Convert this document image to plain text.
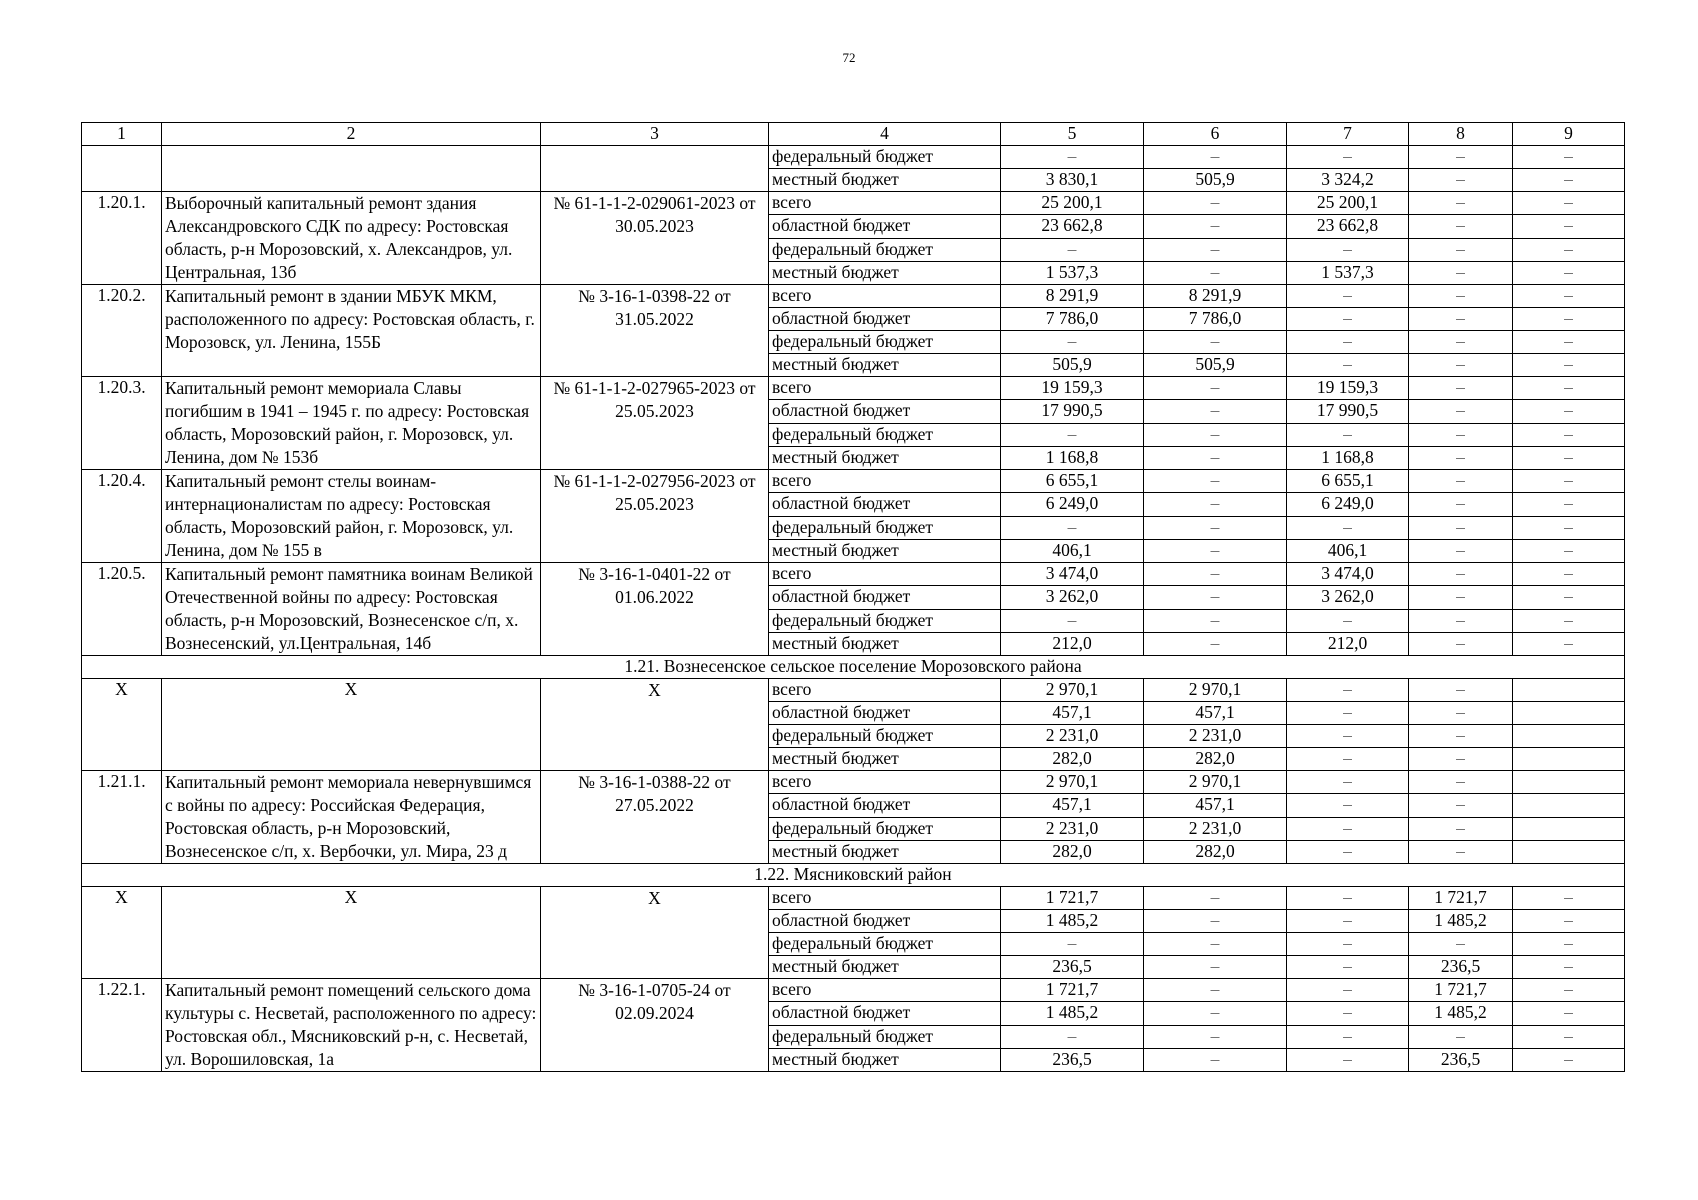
72
1	2	3	4	5	6	7	8	9
			федеральный бюджет	–	–	–	–	–
			местный бюджет	3 830,1	505,9	3 324,2	–	–
1.20.1.	Выборочный капитальный ремонт здания Александровского СДК по адресу: Ростовская область, р-н Морозовский, х. Александров, ул. Центральная, 13б	№ 61-1-1-2-029061-2023 от 30.05.2023	всего	25 200,1	–	25 200,1	–	–
			областной бюджет	23 662,8	–	23 662,8	–	–
			федеральный бюджет	–	–	–	–	–
			местный бюджет	1 537,3	–	1 537,3	–	–
1.20.2.	Капитальный ремонт в здании МБУК МКМ, расположенного по адресу: Ростовская область, г. Морозовск, ул. Ленина, 155Б	№ 3-16-1-0398-22 от 31.05.2022	всего	8 291,9	8 291,9	–	–	–
			областной бюджет	7 786,0	7 786,0	–	–	–
			федеральный бюджет	–	–	–	–	–
			местный бюджет	505,9	505,9	–	–	–
1.20.3.	Капитальный ремонт мемориала Славы погибшим в 1941 – 1945 г. по адресу: Ростовская область, Морозовский район, г. Морозовск, ул. Ленина, дом № 153б	№ 61-1-1-2-027965-2023 от 25.05.2023	всего	19 159,3	–	19 159,3	–	–
			областной бюджет	17 990,5	–	17 990,5	–	–
			федеральный бюджет	–	–	–	–	–
			местный бюджет	1 168,8	–	1 168,8	–	–
1.20.4.	Капитальный ремонт стелы воинам-интернационалистам по адресу: Ростовская область, Морозовский район, г. Морозовск, ул. Ленина, дом № 155 в	№ 61-1-1-2-027956-2023 от 25.05.2023	всего	6 655,1	–	6 655,1	–	–
			областной бюджет	6 249,0	–	6 249,0	–	–
			федеральный бюджет	–	–	–	–	–
			местный бюджет	406,1	–	406,1	–	–
1.20.5.	Капитальный ремонт памятника воинам Великой Отечественной войны по адресу: Ростовская область, р-н Морозовский, Вознесенское с/п, х. Вознесенский, ул.Центральная, 14б	№ 3-16-1-0401-22 от 01.06.2022	всего	3 474,0	–	3 474,0	–	–
			областной бюджет	3 262,0	–	3 262,0	–	–
			федеральный бюджет	–	–	–	–	–
			местный бюджет	212,0	–	212,0	–	–
1.21. Вознесенское сельское поселение Морозовского района								
X	X	X	всего	2 970,1	2 970,1	–	–	
			областной бюджет	457,1	457,1	–	–	
			федеральный бюджет	2 231,0	2 231,0	–	–	
			местный бюджет	282,0	282,0	–	–	
1.21.1.	Капитальный ремонт мемориала невернувшимся с войны по адресу: Российская Федерация, Ростовская область, р-н Морозовский, Вознесенское с/п, х. Вербочки, ул. Мира, 23 д	№ 3-16-1-0388-22 от 27.05.2022	всего	2 970,1	2 970,1	–	–	
			областной бюджет	457,1	457,1	–	–	
			федеральный бюджет	2 231,0	2 231,0	–	–	
			местный бюджет	282,0	282,0	–	–	
1.22. Мясниковский район								
X	X	X	всего	1 721,7	–	–	1 721,7	–
			областной бюджет	1 485,2	–	–	1 485,2	–
			федеральный бюджет	–	–	–	–	–
			местный бюджет	236,5	–	–	236,5	–
1.22.1.	Капитальный ремонт помещений сельского дома культуры с. Несветай, расположенного по адресу: Ростовская обл., Мясниковский р-н, с. Несветай, ул. Ворошиловская, 1а	№ 3-16-1-0705-24 от 02.09.2024	всего	1 721,7	–	–	1 721,7	–
			областной бюджет	1 485,2	–	–	1 485,2	–
			федеральный бюджет	–	–	–	–	–
			местный бюджет	236,5	–	–	236,5	–
